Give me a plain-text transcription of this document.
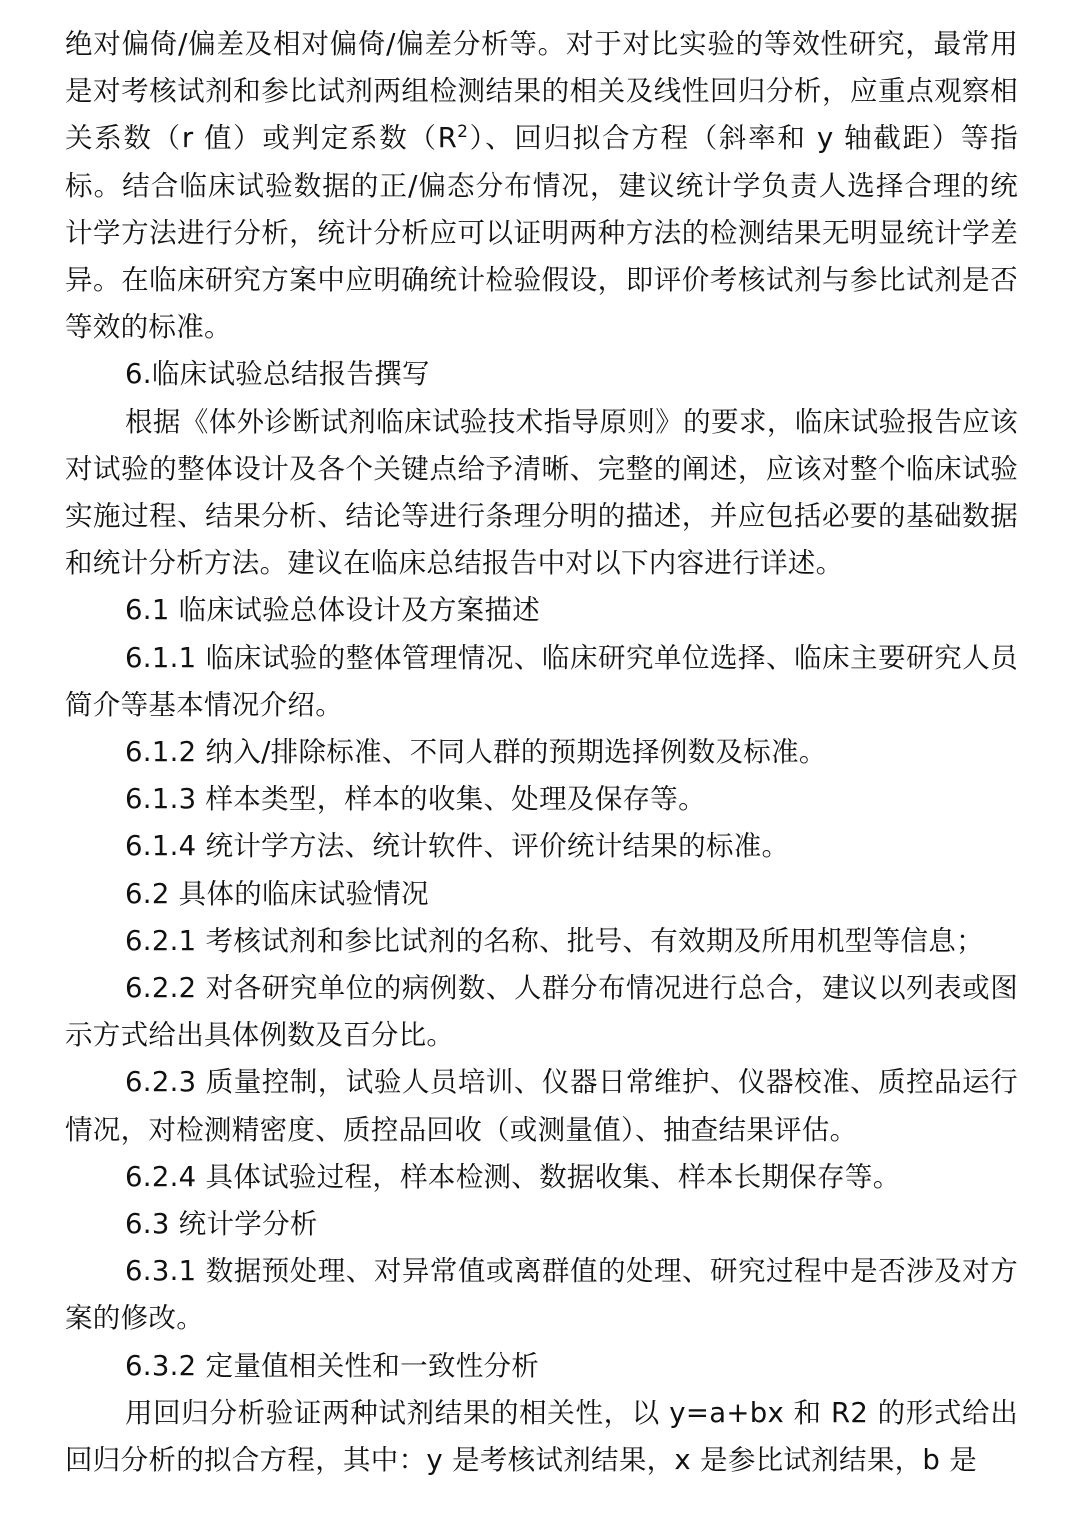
绝对偏倚/偏差及相对偏倚/偏差分析等。对于对比实验的等效性研究，最常用是对考核试剂和参比试剂两组检测结果的相关及线性回归分析，应重点观察相关系数（r 值）或判定系数$(R^2)$、回归拟合方程（斜率和 y 轴截距）等指标。结合临床试验数据的正/偏态分布情况，建议统计学负责人选择合理的统计学方法进行分析，统计分析应可以证明两种方法的检测结果无明显统计学差异。在临床研究方案中应明确统计检验假设，即评价考核试剂与参比试剂是否等效的标准。

6.临床试验总结报告撰写

根据《体外诊断试剂临床试验技术指导原则》的要求，临床试验报告应该对试验的整体设计及各个关键点给予清晰、完整的阐述，应该对整个临床试验实施过程、结果分析、结论等进行条理分明的描述，并应包括必要的基础数据和统计分析方法。建议在临床总结报告中对以下内容进行详述。

6.1 临床试验总体设计及方案描述

6.1.1 临床试验的整体管理情况、临床研究单位选择、临床主要研究人员简介等基本情况介绍。

6.1.2 纳入/排除标准、不同人群的预期选择例数及标准。

6.1.3 样本类型，样本的收集、处理及保存等。

6.1.4 统计学方法、统计软件、评价统计结果的标准。

6.2 具体的临床试验情况

6.2.1 考核试剂和参比试剂的名称、批号、有效期及所用机型等信息；

6.2.2 对各研究单位的病例数、人群分布情况进行总合，建议以列表或图示方式给出具体例数及百分比。

6.2.3 质量控制，试验人员培训、仪器日常维护、仪器校准、质控品运行情况，对检测精密度、质控品回收（或测量值）、抽查结果评估。

6.2.4 具体试验过程，样本检测、数据收集、样本长期保存等。

6.3 统计学分析

6.3.1 数据预处理、对异常值或离群值的处理、研究过程中是否涉及对方案的修改。

6.3.2 定量值相关性和一致性分析

用回归分析验证两种试剂结果的相关性，以 y=a+bx 和 R2 的形式给出回归分析的拟合方程，其中：y 是考核试剂结果，x 是参比试剂结果，b 是
